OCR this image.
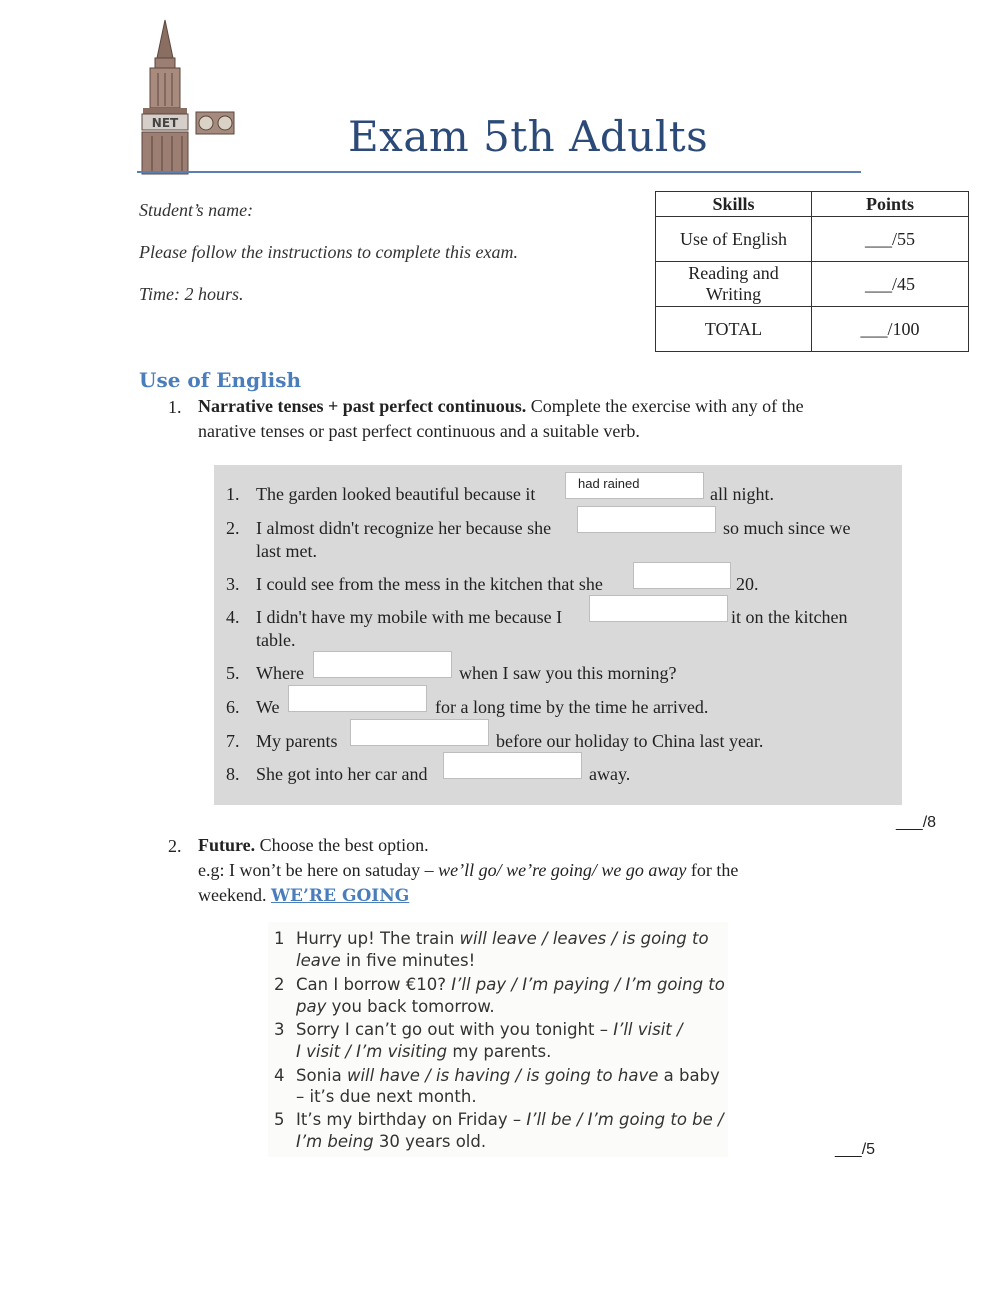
NET	Exam 5th Adults
Student’s name:
Please follow the instructions to complete this exam.
Time: 2 hours.
Skills	Points
Use of English	___/55
Reading and
Writing	___/45
TOTAL	___/100
Use of English
1. Narrative tenses + past perfect continuous. Complete the exercise with any of the
narative tenses or past perfect continuous and a suitable verb.
1. The garden looked beautiful because it
had rained
all night.
2. I almost didn't recognize her because she	so much since we
last met.
3. I could see from the mess in the kitchen that she	20.
4. I didn't have my mobile with me because I	it on the kitchen
table.
5. Where	when I saw you this morning?
6. We	for a long time by the time he arrived.
7. My parents	before our holiday to China last year.
8. She got into her car and	away.
___/8
2. Future. Choose the best option.
e.g: I won’t be here on satuday – we’ll go/ we’re going/ we go away for the
weekend. WE’RE GOING
1 Hurry up! The train will leave / leaves / is going to
leave in five minutes!
2 Can I borrow €10? I’ll pay / I’m paying / I’m going to
pay you back tomorrow.
3 Sorry I can’t go out with you tonight – I’ll visit /
I visit / I’m visiting my parents.
4 Sonia will have / is having / is going to have a baby
– it’s due next month.
5 It’s my birthday on Friday – I’ll be / I’m going to be /
I’m being 30 years old.	___/5
